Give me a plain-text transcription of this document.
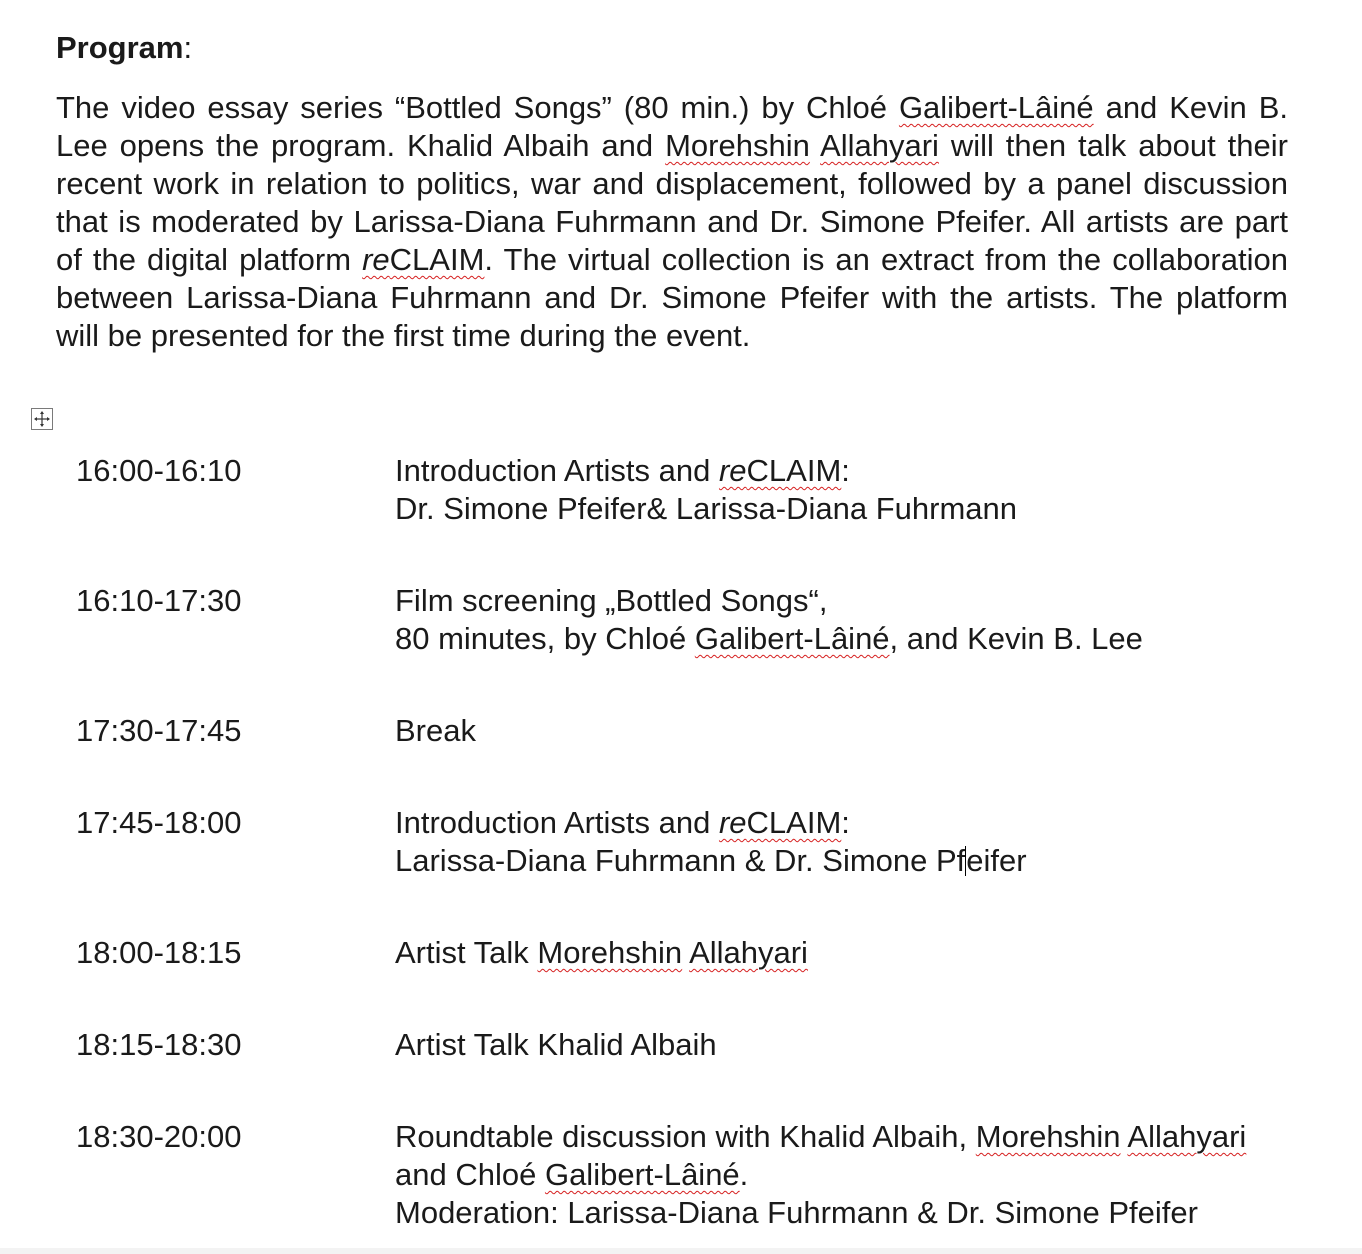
Program:

The video essay series “Bottled Songs” (80 min.) by Chloé Galibert-Lâiné and Kevin B. Lee opens the program. Khalid Albaih and Morehshin Allahyari will then talk about their recent work in relation to politics, war and displacement, followed by a panel discussion that is moderated by Larissa-Diana Fuhrmann and Dr. Simone Pfeifer. All artists are part of the digital platform reCLAIM. The virtual collection is an extract from the collaboration between Larissa-Diana Fuhrmann and Dr. Simone Pfeifer with the artists. The platform will be presented for the first time during the event.

16:00-16:10	Introduction Artists and reCLAIM:
Dr. Simone Pfeifer& Larissa-Diana Fuhrmann
16:10-17:30	Film screening „Bottled Songs“,
80 minutes, by Chloé Galibert-Lâiné, and Kevin B. Lee
17:30-17:45	Break
17:45-18:00	Introduction Artists and reCLAIM:
Larissa-Diana Fuhrmann & Dr. Simone Pfeifer
18:00-18:15	Artist Talk Morehshin Allahyari
18:15-18:30	Artist Talk Khalid Albaih
18:30-20:00	Roundtable discussion with Khalid Albaih, Morehshin Allahyari
and Chloé Galibert-Lâiné.
Moderation: Larissa-Diana Fuhrmann & Dr. Simone Pfeifer
